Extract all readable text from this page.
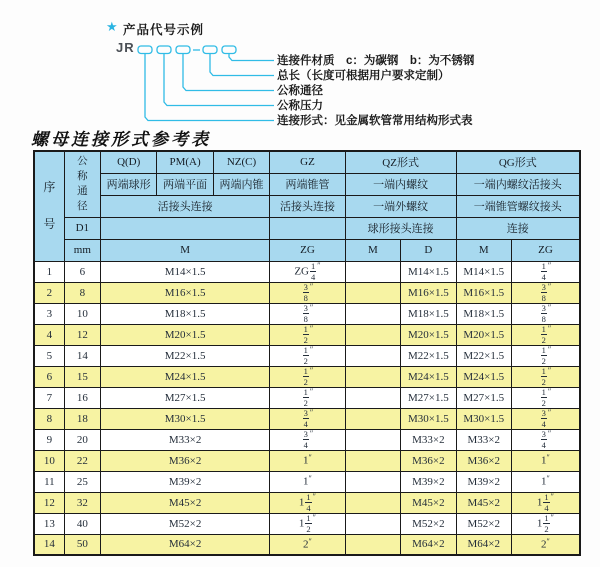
★ 产品代号示例
JR
连接件材质　c：为碳钢　b：为不锈钢
总长（长度可根据用户要求定制）
公称通径
公称压力
连接形式：见金属软管常用结构形式表
螺母连接形式参考表
序
号	公
称
通
径	Q(D)	PM(A)	NZ(C)	GZ	QZ形式		QG形式	
		两端球形	两端平面	两端内锥	两端锥管	一端内螺纹		一端内螺纹活接头	
		活接头连接			活接头连接	一端外螺纹		一端锥管螺纹接头	
	D1					球形接头连接		连接	
	mm	M			ZG	M	D	M	ZG
1	6	M14×1.5			ZG $\frac{1}{4} ''$		M14×1.5	M14×1.5	$\frac{1}{4} ''$
2	8	M16×1.5			$\frac{3}{8} ''$		M16×1.5	M16×1.5	$\frac{3}{8} ''$
3	10	M18×1.5			$\frac{3}{8} ''$		M18×1.5	M18×1.5	$\frac{3}{8} ''$
4	12	M20×1.5			$\frac{1}{2} ''$		M20×1.5	M20×1.5	$\frac{1}{2} ''$
5	14	M22×1.5			$\frac{1}{2} ''$		M22×1.5	M22×1.5	$\frac{1}{2} ''$
6	15	M24×1.5			$\frac{1}{2} ''$		M24×1.5	M24×1.5	$\frac{1}{2} ''$
7	16	M27×1.5			$\frac{1}{2} ''$		M27×1.5	M27×1.5	$\frac{1}{2} ''$
8	18	M30×1.5			$\frac{3}{4} ''$		M30×1.5	M30×1.5	$\frac{3}{4} ''$
9	20	M33×2			$\frac{3}{4} ''$		M33×2	M33×2	$\frac{3}{4} ''$
10	22	M36×2			1″		M36×2	M36×2	1″
11	25	M39×2			1″		M39×2	M39×2	1″
12	32	M45×2			$1 \frac{1}{4} ''$		M45×2	M45×2	$1 \frac{1}{4} ''$
13	40	M52×2			$1 \frac{1}{2} ''$		M52×2	M52×2	$1 \frac{1}{2} ''$
14	50	M64×2			2″		M64×2	M64×2	2″
